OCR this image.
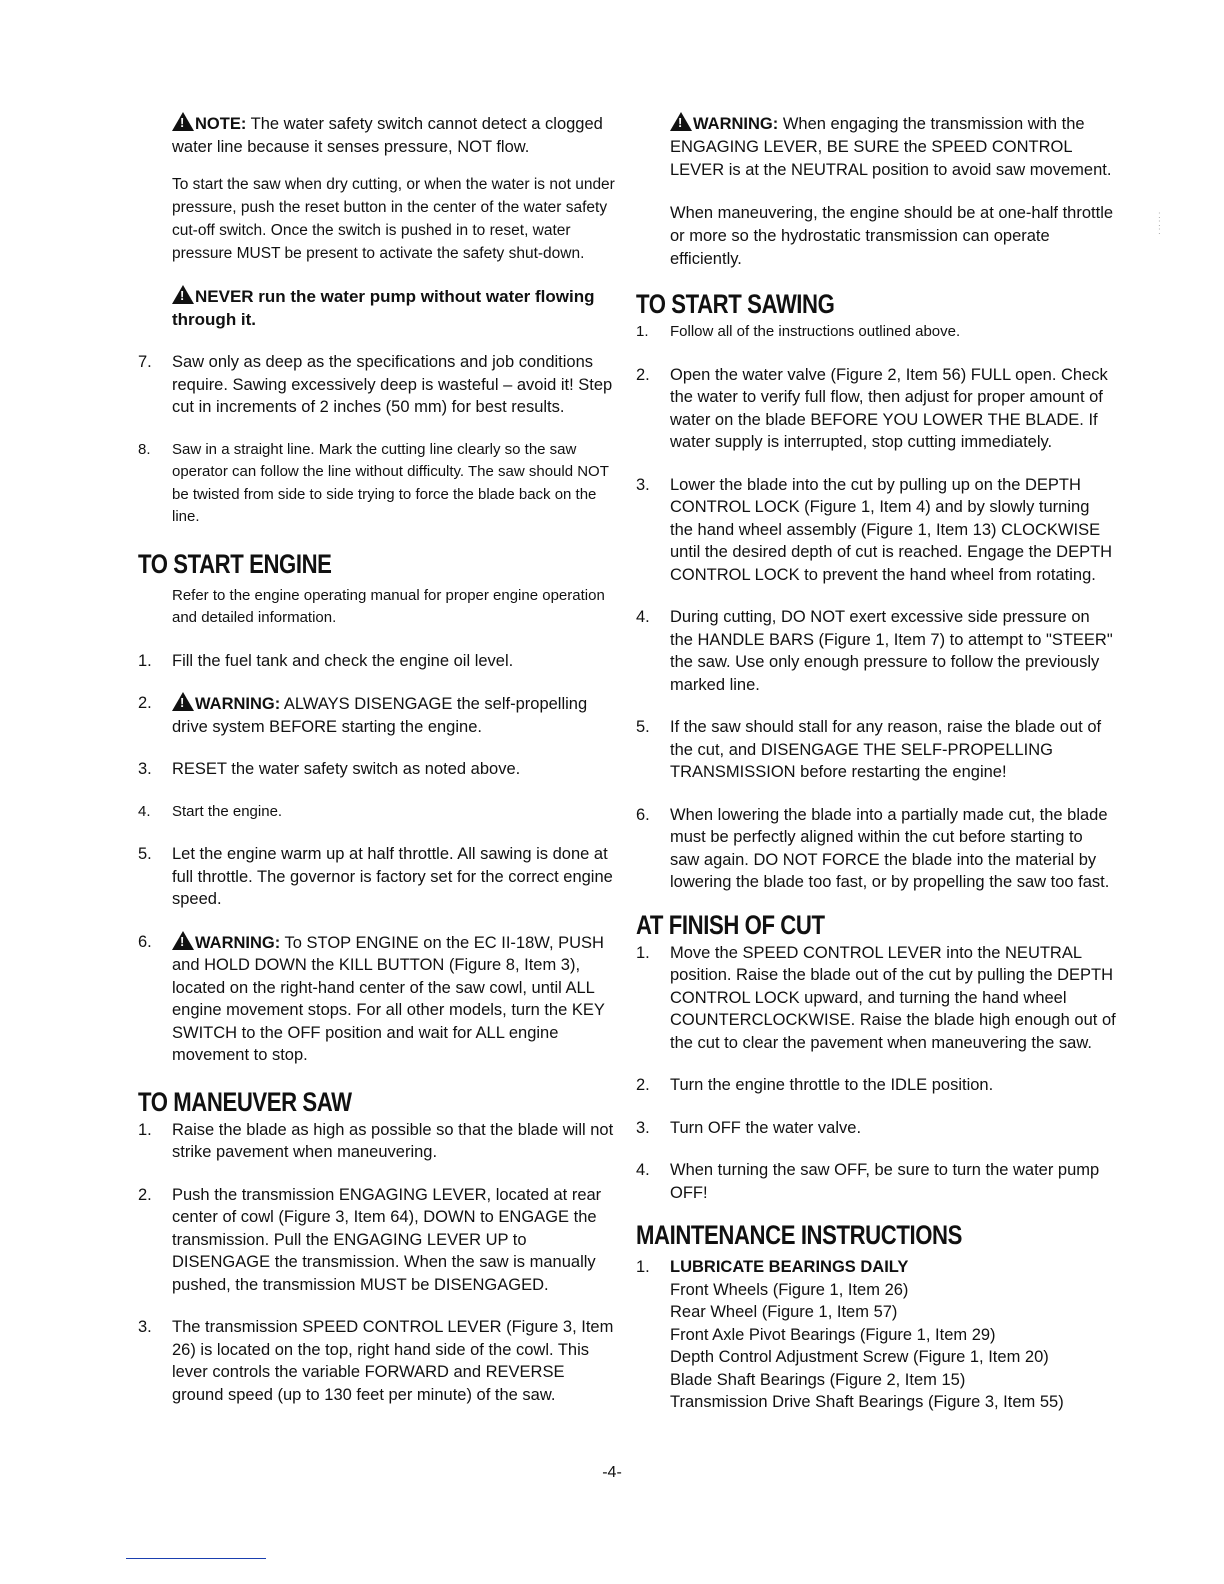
!NOTE: The water safety switch cannot detect a clogged water line because it senses pressure, NOT flow.
To start the saw when dry cutting, or when the water is not under pressure, push the reset button in the center of the water safety cut-off switch. Once the switch is pushed in to reset, water pressure MUST be present to activate the safety shut-down.
!NEVER run the water pump without water flowing through it.
7.	Saw only as deep as the specifications and job conditions require. Sawing excessively deep is wasteful – avoid it! Step cut in increments of 2 inches (50 mm) for best results.
8.	Saw in a straight line. Mark the cutting line clearly so the saw operator can follow the line without difficulty. The saw should NOT be twisted from side to side trying to force the blade back on the line.
TO START ENGINE
Refer to the engine operating manual for proper engine operation and detailed information.
1.	Fill the fuel tank and check the engine oil level.
2. !	WARNING: ALWAYS DISENGAGE the self-propelling drive system BEFORE starting the engine.
3.	RESET the water safety switch as noted above.
4.	Start the engine.
5.	Let the engine warm up at half throttle. All sawing is done at full throttle. The governor is factory set for the correct engine speed.
6. !	WARNING: To STOP ENGINE on the EC II-18W, PUSH and HOLD DOWN the KILL BUTTON (Figure 8, Item 3), located on the right-hand center of the saw cowl, until ALL engine movement stops. For all other models, turn the KEY SWITCH to the OFF position and wait for ALL engine movement to stop.
TO MANEUVER SAW
1.	Raise the blade as high as possible so that the blade will not strike pavement when maneuvering.
2.	Push the transmission ENGAGING LEVER, located at rear center of cowl (Figure 3, Item 64), DOWN to ENGAGE the transmission. Pull the ENGAGING LEVER UP to DISENGAGE the transmission. When the saw is manually pushed, the transmission MUST be DISENGAGED.
3.	The transmission SPEED CONTROL LEVER (Figure 3, Item 26) is located on the top, right hand side of the cowl. This lever controls the variable FORWARD and REVERSE ground speed (up to 130 feet per minute) of the saw.
!WARNING: When engaging the transmission with the ENGAGING LEVER, BE SURE the SPEED CONTROL LEVER is at the NEUTRAL position to avoid saw movement.
When maneuvering, the engine should be at one-half throttle or more so the hydrostatic transmission can operate efficiently.
TO START SAWING
1.	Follow all of the instructions outlined above.
2.	Open the water valve (Figure 2, Item 56) FULL open. Check the water to verify full flow, then adjust for proper amount of water on the blade BEFORE YOU LOWER THE BLADE. If water supply is interrupted, stop cutting immediately.
3.	Lower the blade into the cut by pulling up on the DEPTH CONTROL LOCK (Figure 1, Item 4) and by slowly turning the hand wheel assembly (Figure 1, Item 13) CLOCKWISE until the desired depth of cut is reached. Engage the DEPTH CONTROL LOCK to prevent the hand wheel from rotating.
4.	During cutting, DO NOT exert excessive side pressure on the HANDLE BARS (Figure 1, Item 7) to attempt to "STEER" the saw. Use only enough pressure to follow the previously marked line.
5.	If the saw should stall for any reason, raise the blade out of the cut, and DISENGAGE THE SELF-PROPELLING TRANSMISSION before restarting the engine!
6.	When lowering the blade into a partially made cut, the blade must be perfectly aligned within the cut before starting to saw again. DO NOT FORCE the blade into the material by lowering the blade too fast, or by propelling the saw too fast.
AT FINISH OF CUT
1.	Move the SPEED CONTROL LEVER into the NEUTRAL position. Raise the blade out of the cut by pulling the DEPTH CONTROL LOCK upward, and turning the hand wheel COUNTERCLOCKWISE. Raise the blade high enough out of the cut to clear the pavement when maneuvering the saw.
2.	Turn the engine throttle to the IDLE position.
3.	Turn OFF the water valve.
4.	When turning the saw OFF, be sure to turn the water pump OFF!
MAINTENANCE INSTRUCTIONS
1.	LUBRICATE BEARINGS DAILY
Front Wheels (Figure 1, Item 26)
Rear Wheel (Figure 1, Item 57)
Front Axle Pivot Bearings (Figure 1, Item 29)
Depth Control Adjustment Screw (Figure 1, Item 20)
Blade Shaft Bearings (Figure 2, Item 15)
Transmission Drive Shaft Bearings (Figure 3, Item 55)
:
:
:
-4-
